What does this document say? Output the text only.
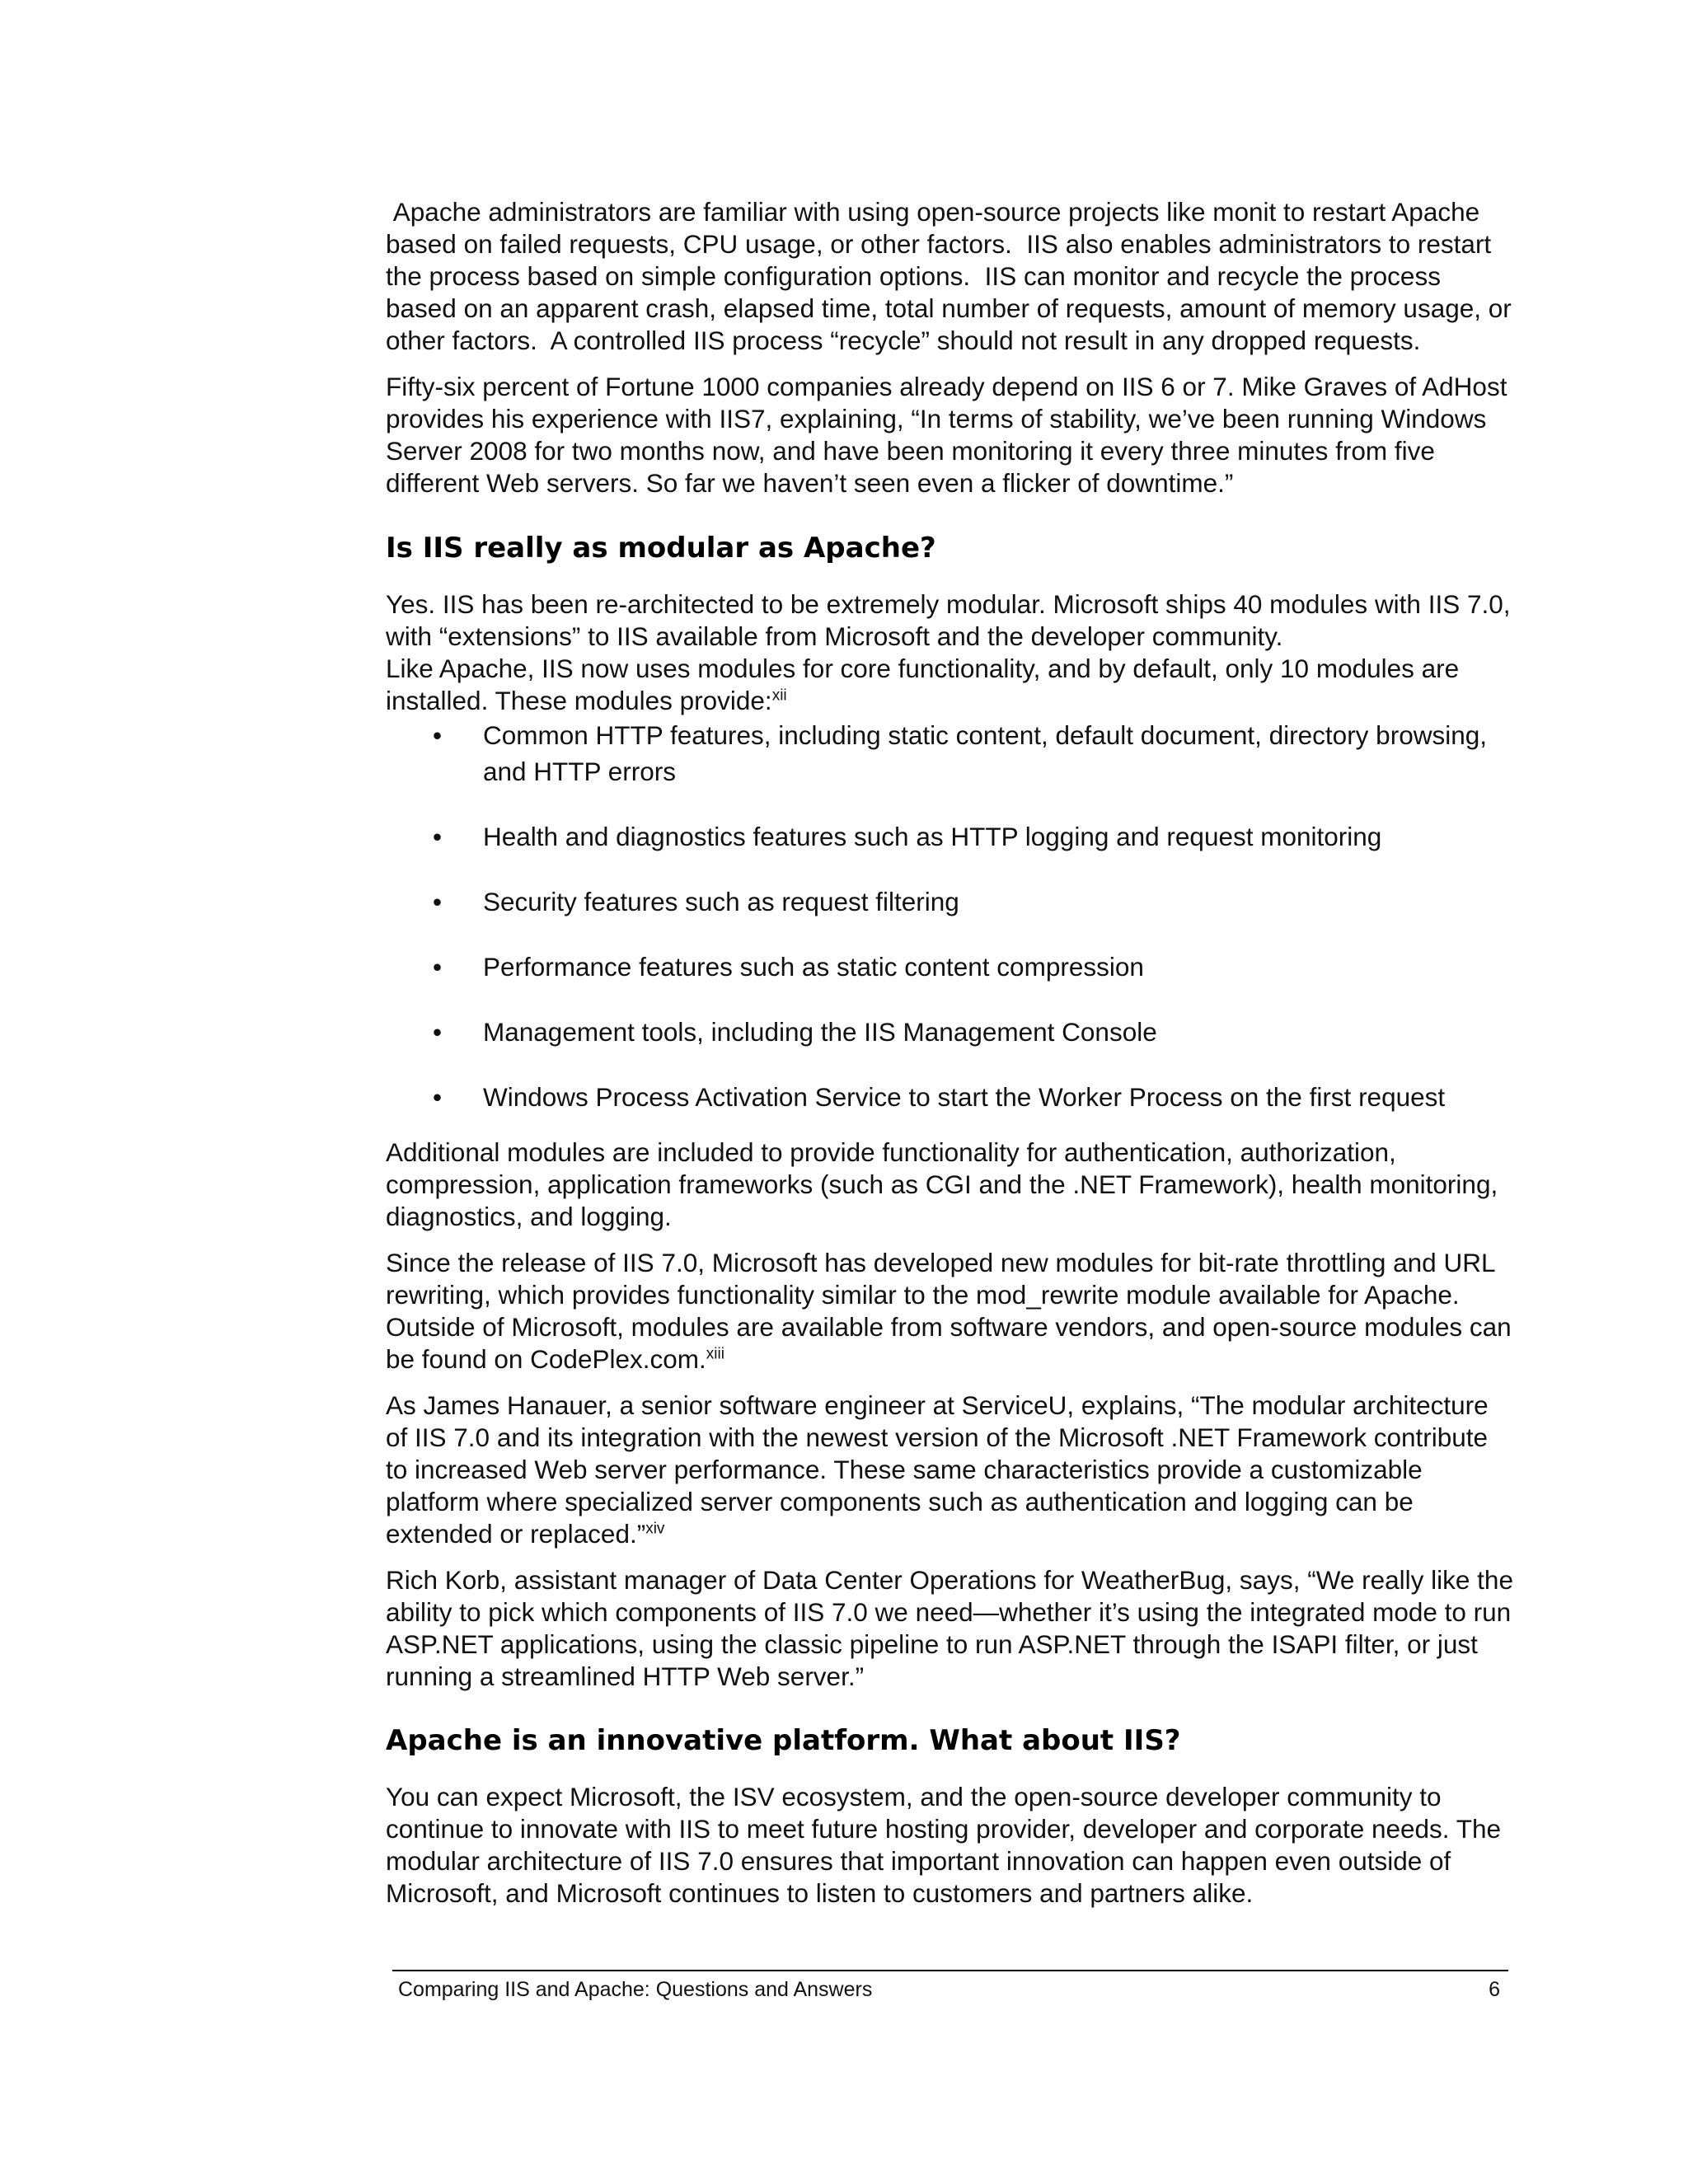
Apache administrators are familiar with using open-source projects like monit to restart Apache based on failed requests, CPU usage, or other factors.  IIS also enables administrators to restart the process based on simple configuration options.  IIS can monitor and recycle the process based on an apparent crash, elapsed time, total number of requests, amount of memory usage, or other factors.  A controlled IIS process “recycle” should not result in any dropped requests.

Fifty-six percent of Fortune 1000 companies already depend on IIS 6 or 7. Mike Graves of AdHost provides his experience with IIS7, explaining, “In terms of stability, we’ve been running Windows Server 2008 for two months now, and have been monitoring it every three minutes from five different Web servers. So far we haven’t seen even a flicker of downtime.”

Is IIS really as modular as Apache?

Yes. IIS has been re-architected to be extremely modular. Microsoft ships 40 modules with IIS 7.0, with “extensions” to IIS available from Microsoft and the developer community.
Like Apache, IIS now uses modules for core functionality, and by default, only 10 modules are installed. These modules provide:$^{xii}$

• Common HTTP features, including static content, default document, directory browsing, and HTTP errors
• Health and diagnostics features such as HTTP logging and request monitoring
• Security features such as request filtering
• Performance features such as static content compression
• Management tools, including the IIS Management Console
• Windows Process Activation Service to start the Worker Process on the first request

Additional modules are included to provide functionality for authentication, authorization, compression, application frameworks (such as CGI and the .NET Framework), health monitoring, diagnostics, and logging.

Since the release of IIS 7.0, Microsoft has developed new modules for bit-rate throttling and URL rewriting, which provides functionality similar to the mod_rewrite module available for Apache. Outside of Microsoft, modules are available from software vendors, and open-source modules can be found on CodePlex.com.$^{xiii}$

As James Hanauer, a senior software engineer at ServiceU, explains, “The modular architecture of IIS 7.0 and its integration with the newest version of the Microsoft .NET Framework contribute to increased Web server performance. These same characteristics provide a customizable platform where specialized server components such as authentication and logging can be extended or replaced.”$^{xiv}$

Rich Korb, assistant manager of Data Center Operations for WeatherBug, says, “We really like the ability to pick which components of IIS 7.0 we need—whether it’s using the integrated mode to run ASP.NET applications, using the classic pipeline to run ASP.NET through the ISAPI filter, or just running a streamlined HTTP Web server.”

Apache is an innovative platform. What about IIS?

You can expect Microsoft, the ISV ecosystem, and the open-source developer community to continue to innovate with IIS to meet future hosting provider, developer and corporate needs. The modular architecture of IIS 7.0 ensures that important innovation can happen even outside of Microsoft, and Microsoft continues to listen to customers and partners alike.

Comparing IIS and Apache: Questions and Answers	6
